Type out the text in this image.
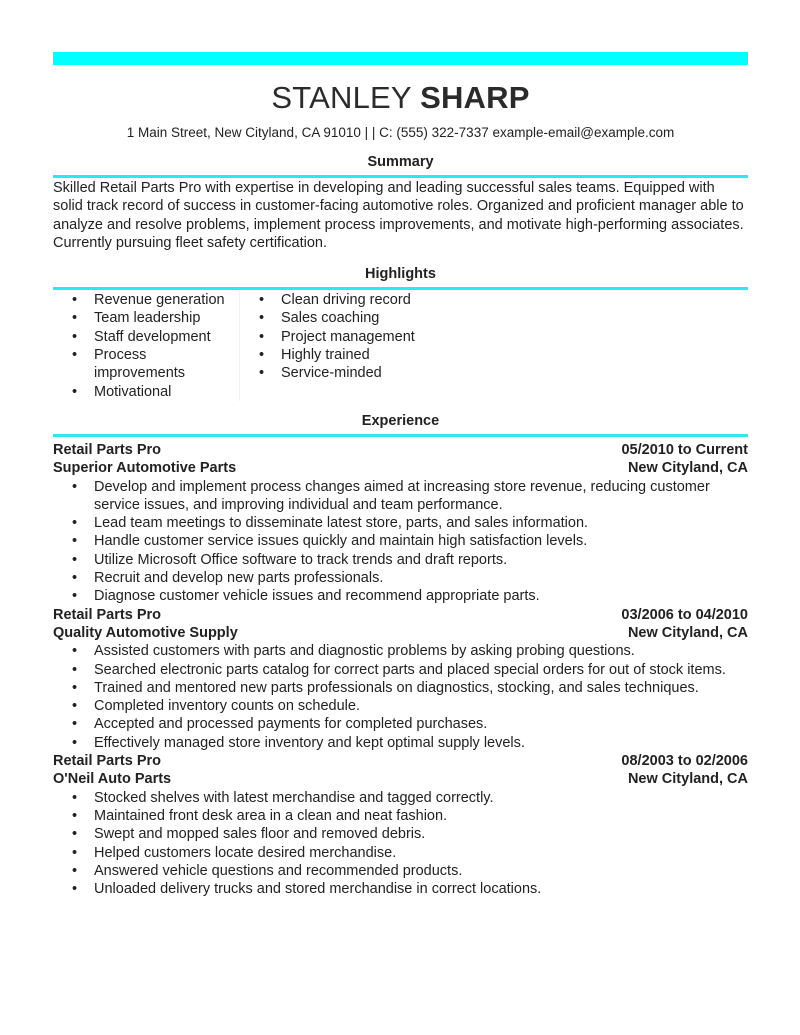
STANLEY SHARP
1 Main Street, New Cityland, CA 91010 | | C: (555) 322-7337 example-email@example.com
Summary
Skilled Retail Parts Pro with expertise in developing and leading successful sales teams. Equipped with solid track record of success in customer-facing automotive roles. Organized and proficient manager able to analyze and resolve problems, implement process improvements, and motivate high-performing associates. Currently pursuing fleet safety certification.
Highlights
• Revenue generation
• Team leadership
• Staff development
• Process improvements
• Motivational
• Clean driving record
• Sales coaching
• Project management
• Highly trained
• Service-minded
Experience
Retail Parts Pro	05/2010 to Current
Superior Automotive Parts	New Cityland, CA
• Develop and implement process changes aimed at increasing store revenue, reducing customer service issues, and improving individual and team performance.
• Lead team meetings to disseminate latest store, parts, and sales information.
• Handle customer service issues quickly and maintain high satisfaction levels.
• Utilize Microsoft Office software to track trends and draft reports.
• Recruit and develop new parts professionals.
• Diagnose customer vehicle issues and recommend appropriate parts.
Retail Parts Pro	03/2006 to 04/2010
Quality Automotive Supply	New Cityland, CA
• Assisted customers with parts and diagnostic problems by asking probing questions.
• Searched electronic parts catalog for correct parts and placed special orders for out of stock items.
• Trained and mentored new parts professionals on diagnostics, stocking, and sales techniques.
• Completed inventory counts on schedule.
• Accepted and processed payments for completed purchases.
• Effectively managed store inventory and kept optimal supply levels.
Retail Parts Pro	08/2003 to 02/2006
O'Neil Auto Parts	New Cityland, CA
• Stocked shelves with latest merchandise and tagged correctly.
• Maintained front desk area in a clean and neat fashion.
• Swept and mopped sales floor and removed debris.
• Helped customers locate desired merchandise.
• Answered vehicle questions and recommended products.
• Unloaded delivery trucks and stored merchandise in correct locations.
